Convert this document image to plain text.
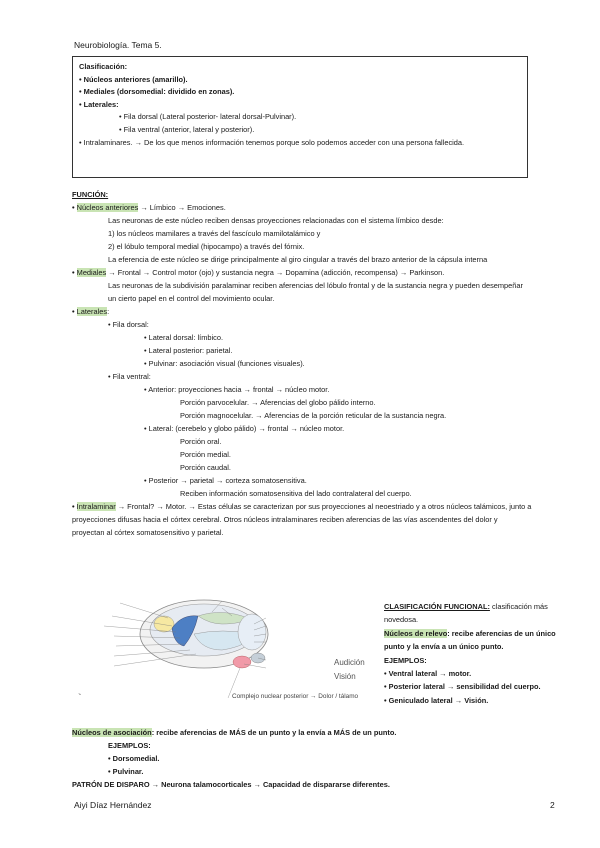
Neurobiología. Tema 5.
Clasificación:
• Núcleos anteriores (amarillo).
• Mediales (dorsomedial: dividido en zonas).
• Laterales:
• Fila dorsal (Lateral posterior- lateral dorsal-Pulvinar).
• Fila ventral (anterior, lateral y posterior).
• Intralaminares. → De los que menos información tenemos porque solo podemos acceder con una persona fallecida.
FUNCIÓN:
• Núcleos anteriores → Límbico → Emociones.
Las neuronas de este núcleo reciben densas proyecciones relacionadas con el sistema límbico desde:
1) los núcleos mamilares a través del fascículo mamilotalámico y
2) el lóbulo temporal medial (hipocampo) a través del fórnix.
La eferencia de este núcleo se dirige principalmente al giro cingular a través del brazo anterior de la cápsula interna
• Mediales → Frontal → Control motor (ojo) y sustancia negra → Dopamina (adicción, recompensa) → Parkinson.
Las neuronas de la subdivisión paralaminar reciben aferencias del lóbulo frontal y de la sustancia negra y pueden desempeñar un cierto papel en el control del movimiento ocular.
• Laterales:
• Fila dorsal:
• Lateral dorsal: límbico.
• Lateral posterior: parietal.
• Pulvinar: asociación visual (funciones visuales).
• Fila ventral:
• Anterior: proyecciones hacia → frontal → núcleo motor.
Porción parvocelular. → Aferencias del globo pálido interno.
Porción magnocelular. → Aferencias de la porción reticular de la sustancia negra.
• Lateral: (cerebelo y globo pálido) → frontal → núcleo motor.
Porción oral.
Porción medial.
Porción caudal.
• Posterior → parietal → corteza somatosensitiva.
Reciben información somatosensitiva del lado contralateral del cuerpo.
• Intralaminar → Frontal? → Motor. → Estas células se caracterizan por sus proyecciones al neoestriado y a otros núcleos talámicos, junto a proyecciones difusas hacia el córtex cerebral. Otros núcleos intralaminares reciben aferencias de las vías ascendentes del dolor y proyectan al córtex somatosensitivo y parietal.
↘
Audición
Visión
Complejo nuclear posterior → Dolor / tálamo
CLASIFICACIÓN FUNCIONAL: clasificación más novedosa.
Núcleos de relevo: recibe aferencias de un único punto y la envía a un único punto.
EJEMPLOS:
• Ventral lateral → motor.
• Posterior lateral → sensibilidad del cuerpo.
• Geniculado lateral → Visión.
Núcleos de asociación: recibe aferencias de MÁS de un punto y la envía a MÁS de un punto.
EJEMPLOS:
• Dorsomedial.
• Pulvinar.
PATRÓN DE DISPARO → Neurona talamocorticales → Capacidad de dispararse diferentes.
Aiyi Díaz Hernández	2
